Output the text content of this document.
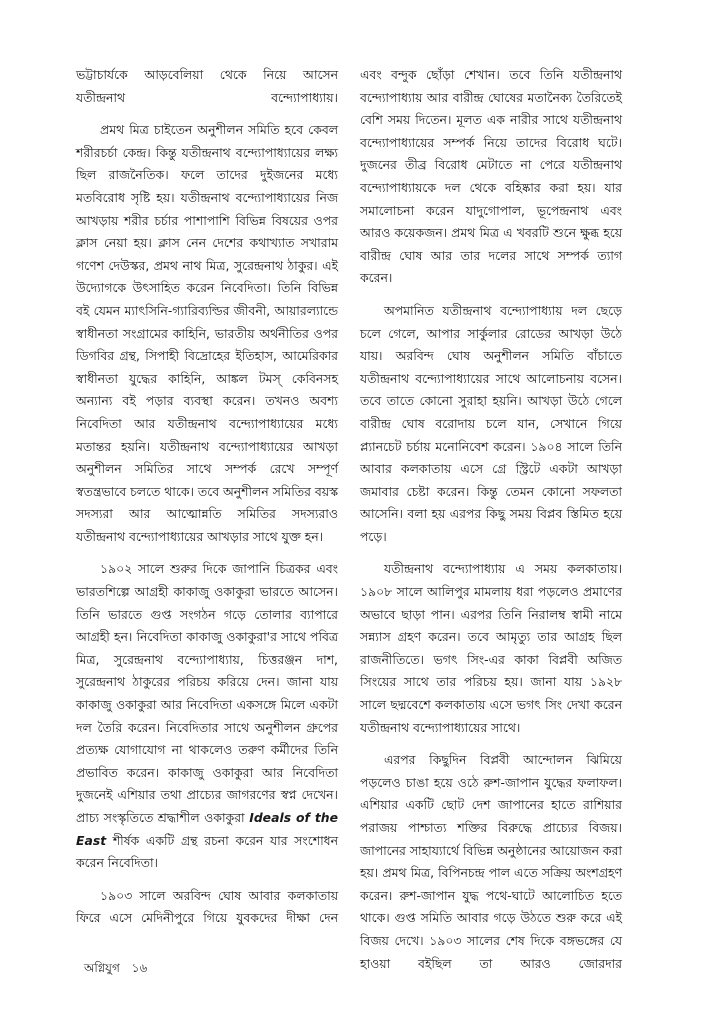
ভট্টাচার্যকে আড়বেলিয়া থেকে নিয়ে আসেন যতীন্দ্রনাথ বন্দ্যোপাধ্যায়।

প্রমথ মিত্র চাইতেন অনুশীলন সমিতি হবে কেবল শরীরচর্চা কেন্দ্র। কিন্তু যতীন্দ্রনাথ বন্দ্যোপাধ্যায়ের লক্ষ্য ছিল রাজনৈতিক। ফলে তাদের দুইজনের মধ্যে মতবিরোধ সৃষ্টি হয়। যতীন্দ্রনাথ বন্দ্যোপাধ্যায়ের নিজ আখড়ায় শরীর চর্চার পাশাপাশি বিভিন্ন বিষয়ের ওপর ক্লাস নেয়া হয়। ক্লাস নেন দেশের কথাখ্যাত সখারাম গণেশ দেউস্কর, প্রমথ নাথ মিত্র, সুরেন্দ্রনাথ ঠাকুর। এই উদ্যোগকে উৎসাহিত করেন নিবেদিতা। তিনি বিভিন্ন বই যেমন ম্যাৎসিনি-গ্যারিব্যল্ডির জীবনী, আয়ারল্যান্ডে স্বাধীনতা সংগ্রামের কাহিনি, ভারতীয় অর্থনীতির ওপর ডিগবির গ্রন্থ, সিপাহী বিদ্রোহের ইতিহাস, আমেরিকার স্বাধীনতা যুদ্ধের কাহিনি, আঙ্কল টমস্ কেবিনসহ অন্যান্য বই পড়ার ব্যবস্থা করেন। তখনও অবশ্য নিবেদিতা আর যতীন্দ্রনাথ বন্দ্যোপাধ্যায়ের মধ্যে মতান্তর হয়নি। যতীন্দ্রনাথ বন্দ্যোপাধ্যায়ের আখড়া অনুশীলন সমিতির সাথে সম্পর্ক রেখে সম্পূর্ণ স্বতন্ত্রভাবে চলতে থাকে। তবে অনুশীলন সমিতির বয়স্ক সদস্যরা আর আত্মোন্নতি সমিতির সদস্যরাও যতীন্দ্রনাথ বন্দ্যোপাধ্যায়ের আখড়ার সাথে যুক্ত হন।

১৯০২ সালে শুরুর দিকে জাপানি চিত্রকর এবং ভারতশিল্পে আগ্রহী কাকাজু ওকাকুরা ভারতে আসেন। তিনি ভারতে গুপ্ত সংগঠন গড়ে তোলার ব্যাপারে আগ্রহী হন। নিবেদিতা কাকাজু ওকাকুরা'র সাথে পবিত্র মিত্র, সুরেন্দ্রনাথ বন্দ্যোপাধ্যায়, চিত্তরঞ্জন দাশ, সুরেন্দ্রনাথ ঠাকুরের পরিচয় করিয়ে দেন। জানা যায় কাকাজু ওকাকুরা আর নিবেদিতা একসঙ্গে মিলে একটা দল তৈরি করেন। নিবেদিতার সাথে অনুশীলন গ্রুপের প্রত্যক্ষ যোগাযোগ না থাকলেও তরুণ কর্মীদের তিনি প্রভাবিত করেন। কাকাজু ওকাকুরা আর নিবেদিতা দুজনেই এশিয়ার তথা প্রাচ্যের জাগরণের স্বপ্ন দেখেন। প্রাচ্য সংস্কৃতিতে শ্রদ্ধাশীল ওকাকুরা Ideals of the East শীর্ষক একটি গ্রন্থ রচনা করেন যার সংশোধন করেন নিবেদিতা।

১৯০৩ সালে অরবিন্দ ঘোষ আবার কলকাতায় ফিরে এসে মেদিনীপুরে গিয়ে যুবকদের দীক্ষা দেন

এবং বন্দুক ছোঁড়া শেখান। তবে তিনি যতীন্দ্রনাথ বন্দ্যোপাধ্যায় আর বারীন্দ্র ঘোষের মতানৈক্য তৈরিতেই বেশি সময় দিতেন। মূলত এক নারীর সাথে যতীন্দ্রনাথ বন্দ্যোপাধ্যায়ের সম্পর্ক নিয়ে তাদের বিরোধ ঘটে। দুজনের তীব্র বিরোধ মেটাতে না পেরে যতীন্দ্রনাথ বন্দ্যোপাধ্যায়কে দল থেকে বহিষ্কার করা হয়। যার সমালোচনা করেন যাদুগোপাল, ভূপেন্দ্রনাথ এবং আরও কয়েকজন। প্রমথ মিত্র এ খবরটি শুনে ক্ষুব্ধ হয়ে বারীন্দ্র ঘোষ আর তার দলের সাথে সম্পর্ক ত্যাগ করেন।

অপমানিত যতীন্দ্রনাথ বন্দ্যোপাধ্যায় দল ছেড়ে চলে গেলে, আপার সার্কুলার রোডের আখড়া উঠে যায়। অরবিন্দ ঘোষ অনুশীলন সমিতি বাঁচাতে যতীন্দ্রনাথ বন্দ্যোপাধ্যায়ের সাথে আলোচনায় বসেন। তবে তাতে কোনো সুরাহা হয়নি। আখড়া উঠে গেলে বারীন্দ্র ঘোষ বরোদায় চলে যান, সেখানে গিয়ে প্ল্যানচেট চর্চায় মনোনিবেশ করেন। ১৯০৪ সালে তিনি আবার কলকাতায় এসে গ্রে স্ট্রিটে একটা আখড়া জমাবার চেষ্টা করেন। কিন্তু তেমন কোনো সফলতা আসেনি। বলা হয় এরপর কিছু সময় বিপ্লব স্তিমিত হয়ে পড়ে।

যতীন্দ্রনাথ বন্দ্যোপাধ্যায় এ সময় কলকাতায়। ১৯০৮ সালে আলিপুর মামলায় ধরা পড়লেও প্রমাণের অভাবে ছাড়া পান। এরপর তিনি নিরালম্ব স্বামী নামে সন্ন্যাস গ্রহণ করেন। তবে আমৃত্যু তার আগ্রহ ছিল রাজনীতিতে। ভগৎ সিং-এর কাকা বিপ্লবী অজিত সিংয়ের সাথে তার পরিচয় হয়। জানা যায় ১৯২৮ সালে ছদ্মবেশে কলকাতায় এসে ভগৎ সিং দেখা করেন যতীন্দ্রনাথ বন্দ্যোপাধ্যায়ের সাথে।

এরপর কিছুদিন বিপ্লবী আন্দোলন ঝিমিয়ে পড়লেও চাঙা হয়ে ওঠে রুশ-জাপান যুদ্ধের ফলাফল। এশিয়ার একটি ছোট দেশ জাপানের হাতে রাশিয়ার পরাজয় পাশ্চাত্য শক্তির বিরুদ্ধে প্রাচ্যের বিজয়। জাপানের সাহায্যার্থে বিভিন্ন অনুষ্ঠানের আয়োজন করা হয়। প্রমথ মিত্র, বিপিনচন্দ্র পাল এতে সক্রিয় অংশগ্রহণ করেন। রুশ-জাপান যুদ্ধ পথে-ঘাটে আলোচিত হতে থাকে। গুপ্ত সমিতি আবার গড়ে উঠতে শুরু করে এই বিজয় দেখে। ১৯০৩ সালের শেষ দিকে বঙ্গভঙ্গের যে হাওয়া বইছিল তা আরও জোরদার

অগ্নিযুগ ১৬
